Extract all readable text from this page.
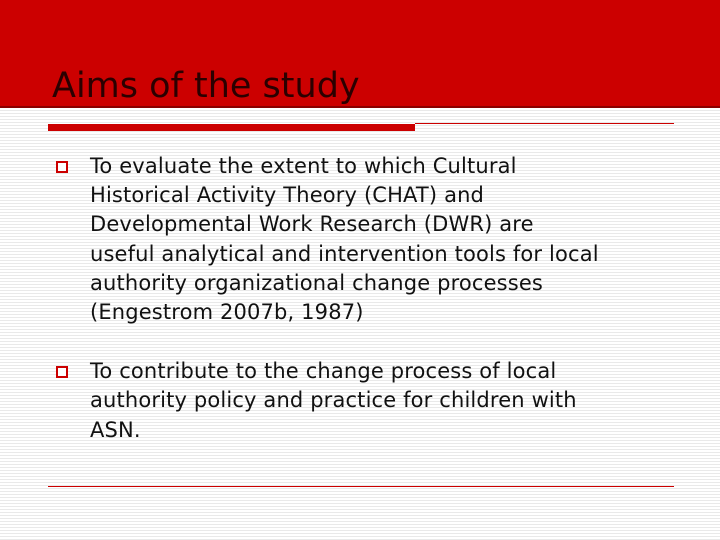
Aims of the study
To evaluate the extent to which Cultural
Historical Activity Theory (CHAT) and
Developmental Work Research (DWR) are
useful analytical and intervention tools for local
authority organizational change processes
(Engestrom 2007b, 1987)
To contribute to the change process of local
authority policy and practice for children with
ASN.
